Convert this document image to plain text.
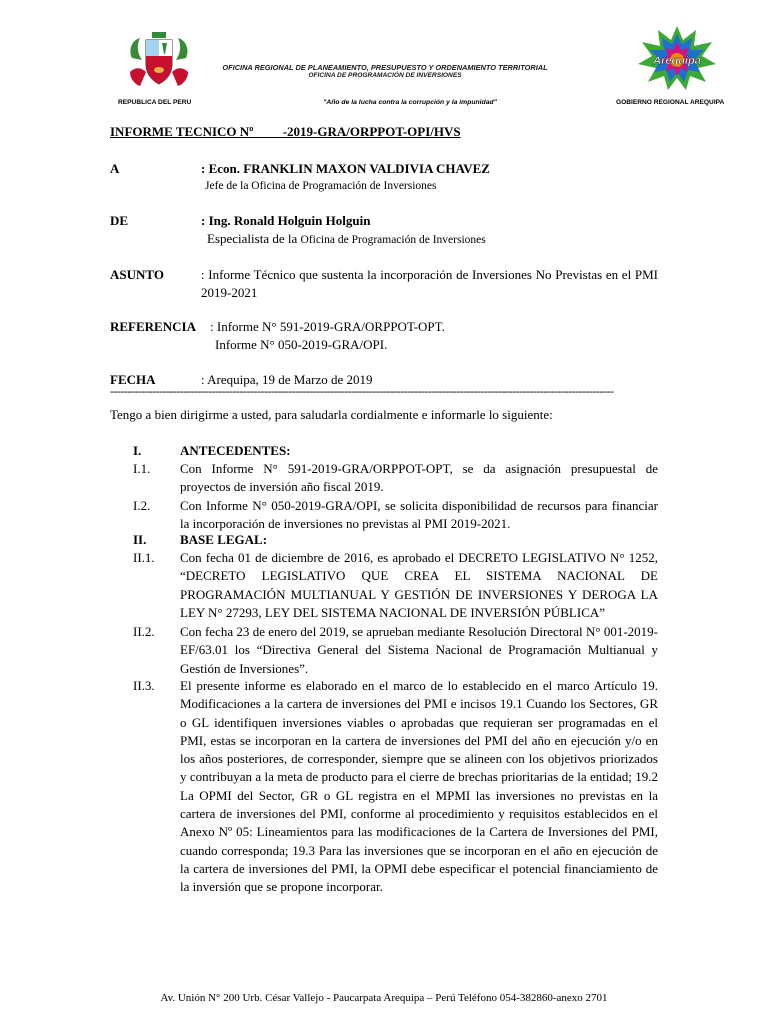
OFICINA REGIONAL DE PLANEAMIENTO, PRESUPUESTO Y ORDENAMIENTO TERRITORIAL
OFICINA DE PROGRAMACIÓN DE INVERSIONES
Arequipa
REPUBLICA DEL PERU	"Año de la lucha contra la corrupción y la impunidad"	GOBIERNO REGIONAL AREQUIPA
INFORME TECNICO Nº         -2019-GRA/ORPPOT-OPI/HVS
A	: Econ. FRANKLIN MAXON VALDIVIA CHAVEZ
Jefe de la Oficina de Programación de Inversiones
DE	: Ing. Ronald Holguin Holguin
Especialista de la Oficina de Programación de Inversiones
ASUNTO	: Informe Técnico que sustenta la incorporación de Inversiones No Previstas en el PMI 2019-2021
REFERENCIA : Informe N° 591-2019-GRA/ORPPOT-OPT.
Informe N° 050-2019-GRA/OPI.
FECHA	: Arequipa, 19 de Marzo de 2019
------------------------------------------------------------------------------------------------------------------------------------------------
Tengo a bien dirigirme a usted, para saludarla cordialmente e informarle lo siguiente:
I.	ANTECEDENTES:
I.1. Con Informe N° 591-2019-GRA/ORPPOT-OPT, se da asignación presupuestal de proyectos de inversión año fiscal 2019.
I.2. Con Informe N° 050-2019-GRA/OPI, se solicita disponibilidad de recursos para financiar la incorporación de inversiones no previstas al PMI 2019-2021.
II.	BASE LEGAL:
II.1. Con fecha 01 de diciembre de 2016, es aprobado el DECRETO LEGISLATIVO N° 1252, “DECRETO LEGISLATIVO QUE CREA EL SISTEMA NACIONAL DE PROGRAMACIÓN MULTIANUAL Y GESTIÓN DE INVERSIONES Y DEROGA LA LEY N° 27293, LEY DEL SISTEMA NACIONAL DE INVERSIÓN PÚBLICA”
II.2. Con fecha 23 de enero del 2019, se aprueban mediante Resolución Directoral N° 001-2019-EF/63.01 los “Directiva General del Sistema Nacional de Programación Multianual y Gestión de Inversiones”.
II.3. El presente informe es elaborado en el marco de lo establecido en el marco Artículo 19. Modificaciones a la cartera de inversiones del PMI e incisos 19.1 Cuando los Sectores, GR o GL identifiquen inversiones viables o aprobadas que requieran ser programadas en el PMI, estas se incorporan en la cartera de inversiones del PMI del año en ejecución y/o en los años posteriores, de corresponder, siempre que se alineen con los objetivos priorizados y contribuyan a la meta de producto para el cierre de brechas prioritarias de la entidad; 19.2 La OPMI del Sector, GR o GL registra en el MPMI las inversiones no previstas en la cartera de inversiones del PMI, conforme al procedimiento y requisitos establecidos en el Anexo Nº 05: Lineamientos para las modificaciones de la Cartera de Inversiones del PMI, cuando corresponda; 19.3 Para las inversiones que se incorporan en el año en ejecución de la cartera de inversiones del PMI, la OPMI debe especificar el potencial financiamiento de la inversión que se propone incorporar.
Av. Unión N° 200 Urb. César Vallejo - Paucarpata Arequipa – Perú Teléfono 054-382860-anexo 2701
